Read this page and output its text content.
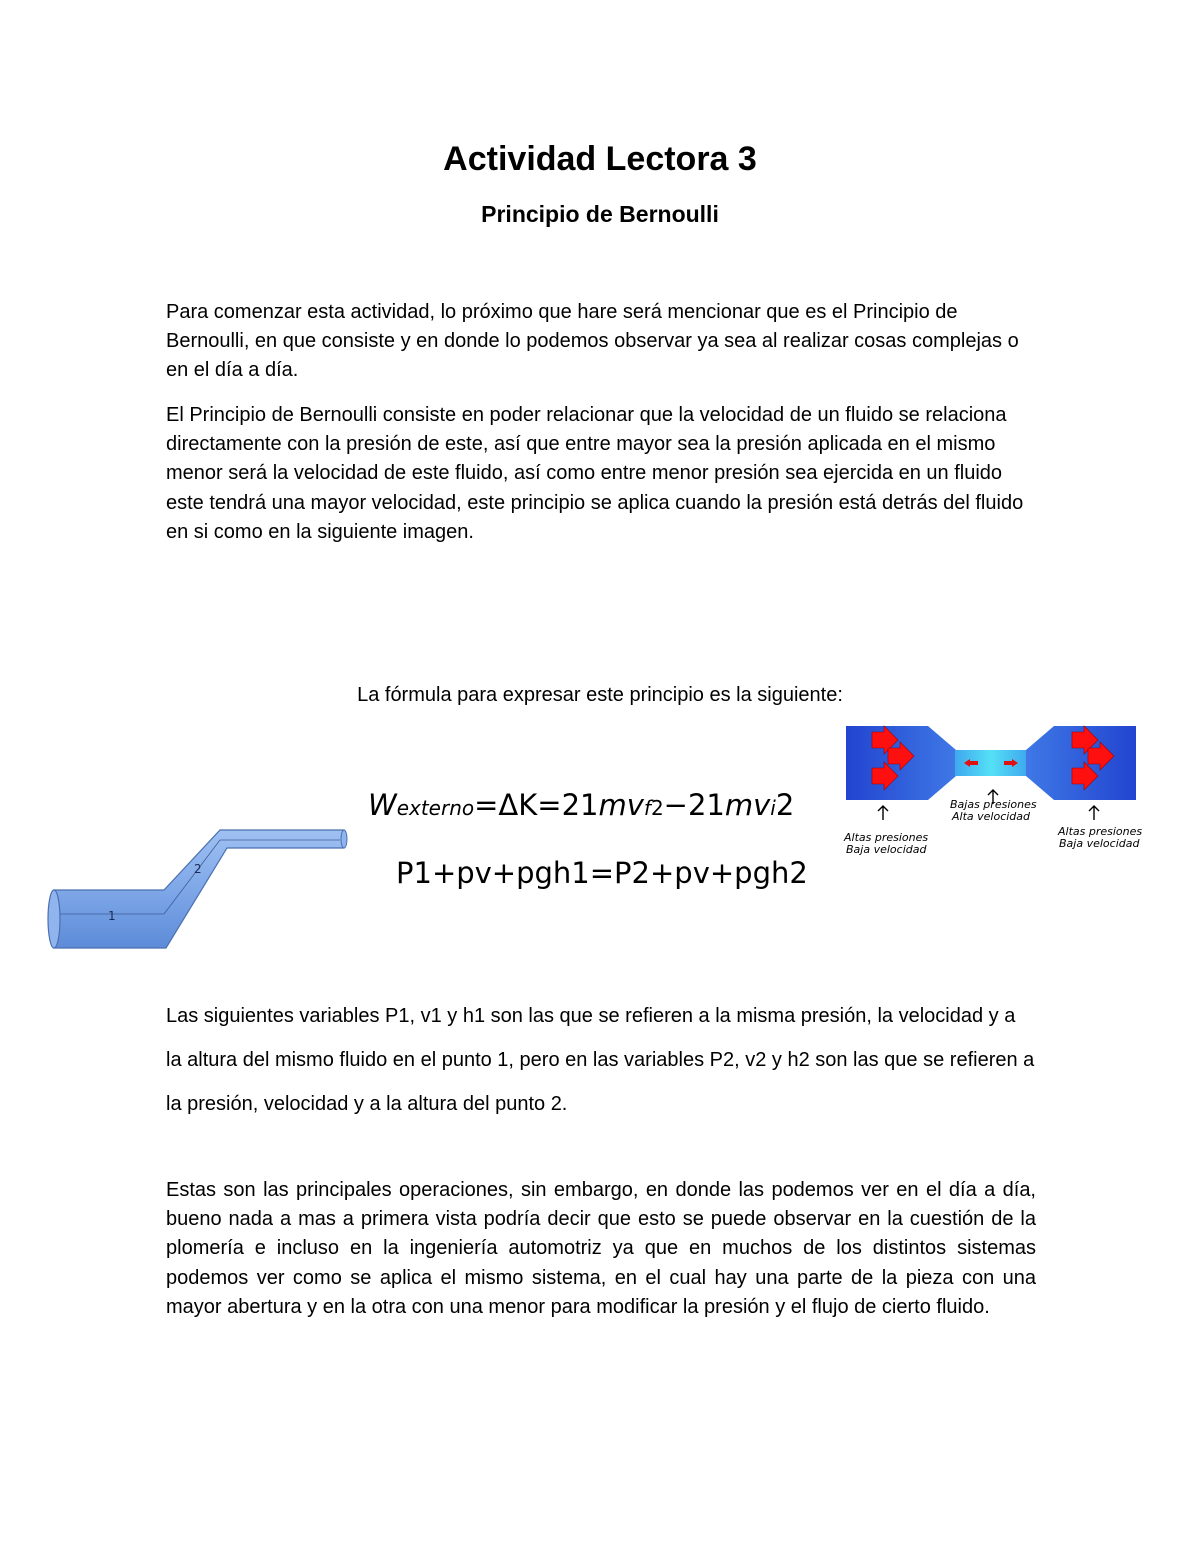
Actividad Lectora 3
Principio de Bernoulli

Para comenzar esta actividad, lo próximo que hare será mencionar que es el Principio de Bernoulli, en que consiste y en donde lo podemos observar ya sea al realizar cosas complejas o en el día a día.

El Principio de Bernoulli consiste en poder relacionar que la velocidad de un fluido se relaciona directamente con la presión de este, así que entre mayor sea la presión aplicada en el mismo menor será la velocidad de este fluido, así como entre menor presión sea ejercida en un fluido este tendrá una mayor velocidad, este principio se aplica cuando la presión está detrás del fluido en si como en la siguiente imagen.

La fórmula para expresar este principio es la siguiente:

1
2
Wexterno=ΔK=21mvf2−21mvi2
P1+pv+pgh1=P2+pv+pgh2
Altas presiones
Baja velocidad
Bajas presiones
Alta velocidad
Altas presiones
Baja velocidad

Las siguientes variables P1, v1 y h1 son las que se refieren a la misma presión, la velocidad y a la altura del mismo fluido en el punto 1, pero en las variables P2, v2 y h2 son las que se refieren a la presión, velocidad y a la altura del punto 2.

Estas son las principales operaciones, sin embargo, en donde las podemos ver en el día a día, bueno nada a mas a primera vista podría decir que esto se puede observar en la cuestión de la plomería e incluso en la ingeniería automotriz ya que en muchos de los distintos sistemas podemos ver como se aplica el mismo sistema, en el cual hay una parte de la pieza con una mayor abertura y en la otra con una menor para modificar la presión y el flujo de cierto fluido.
